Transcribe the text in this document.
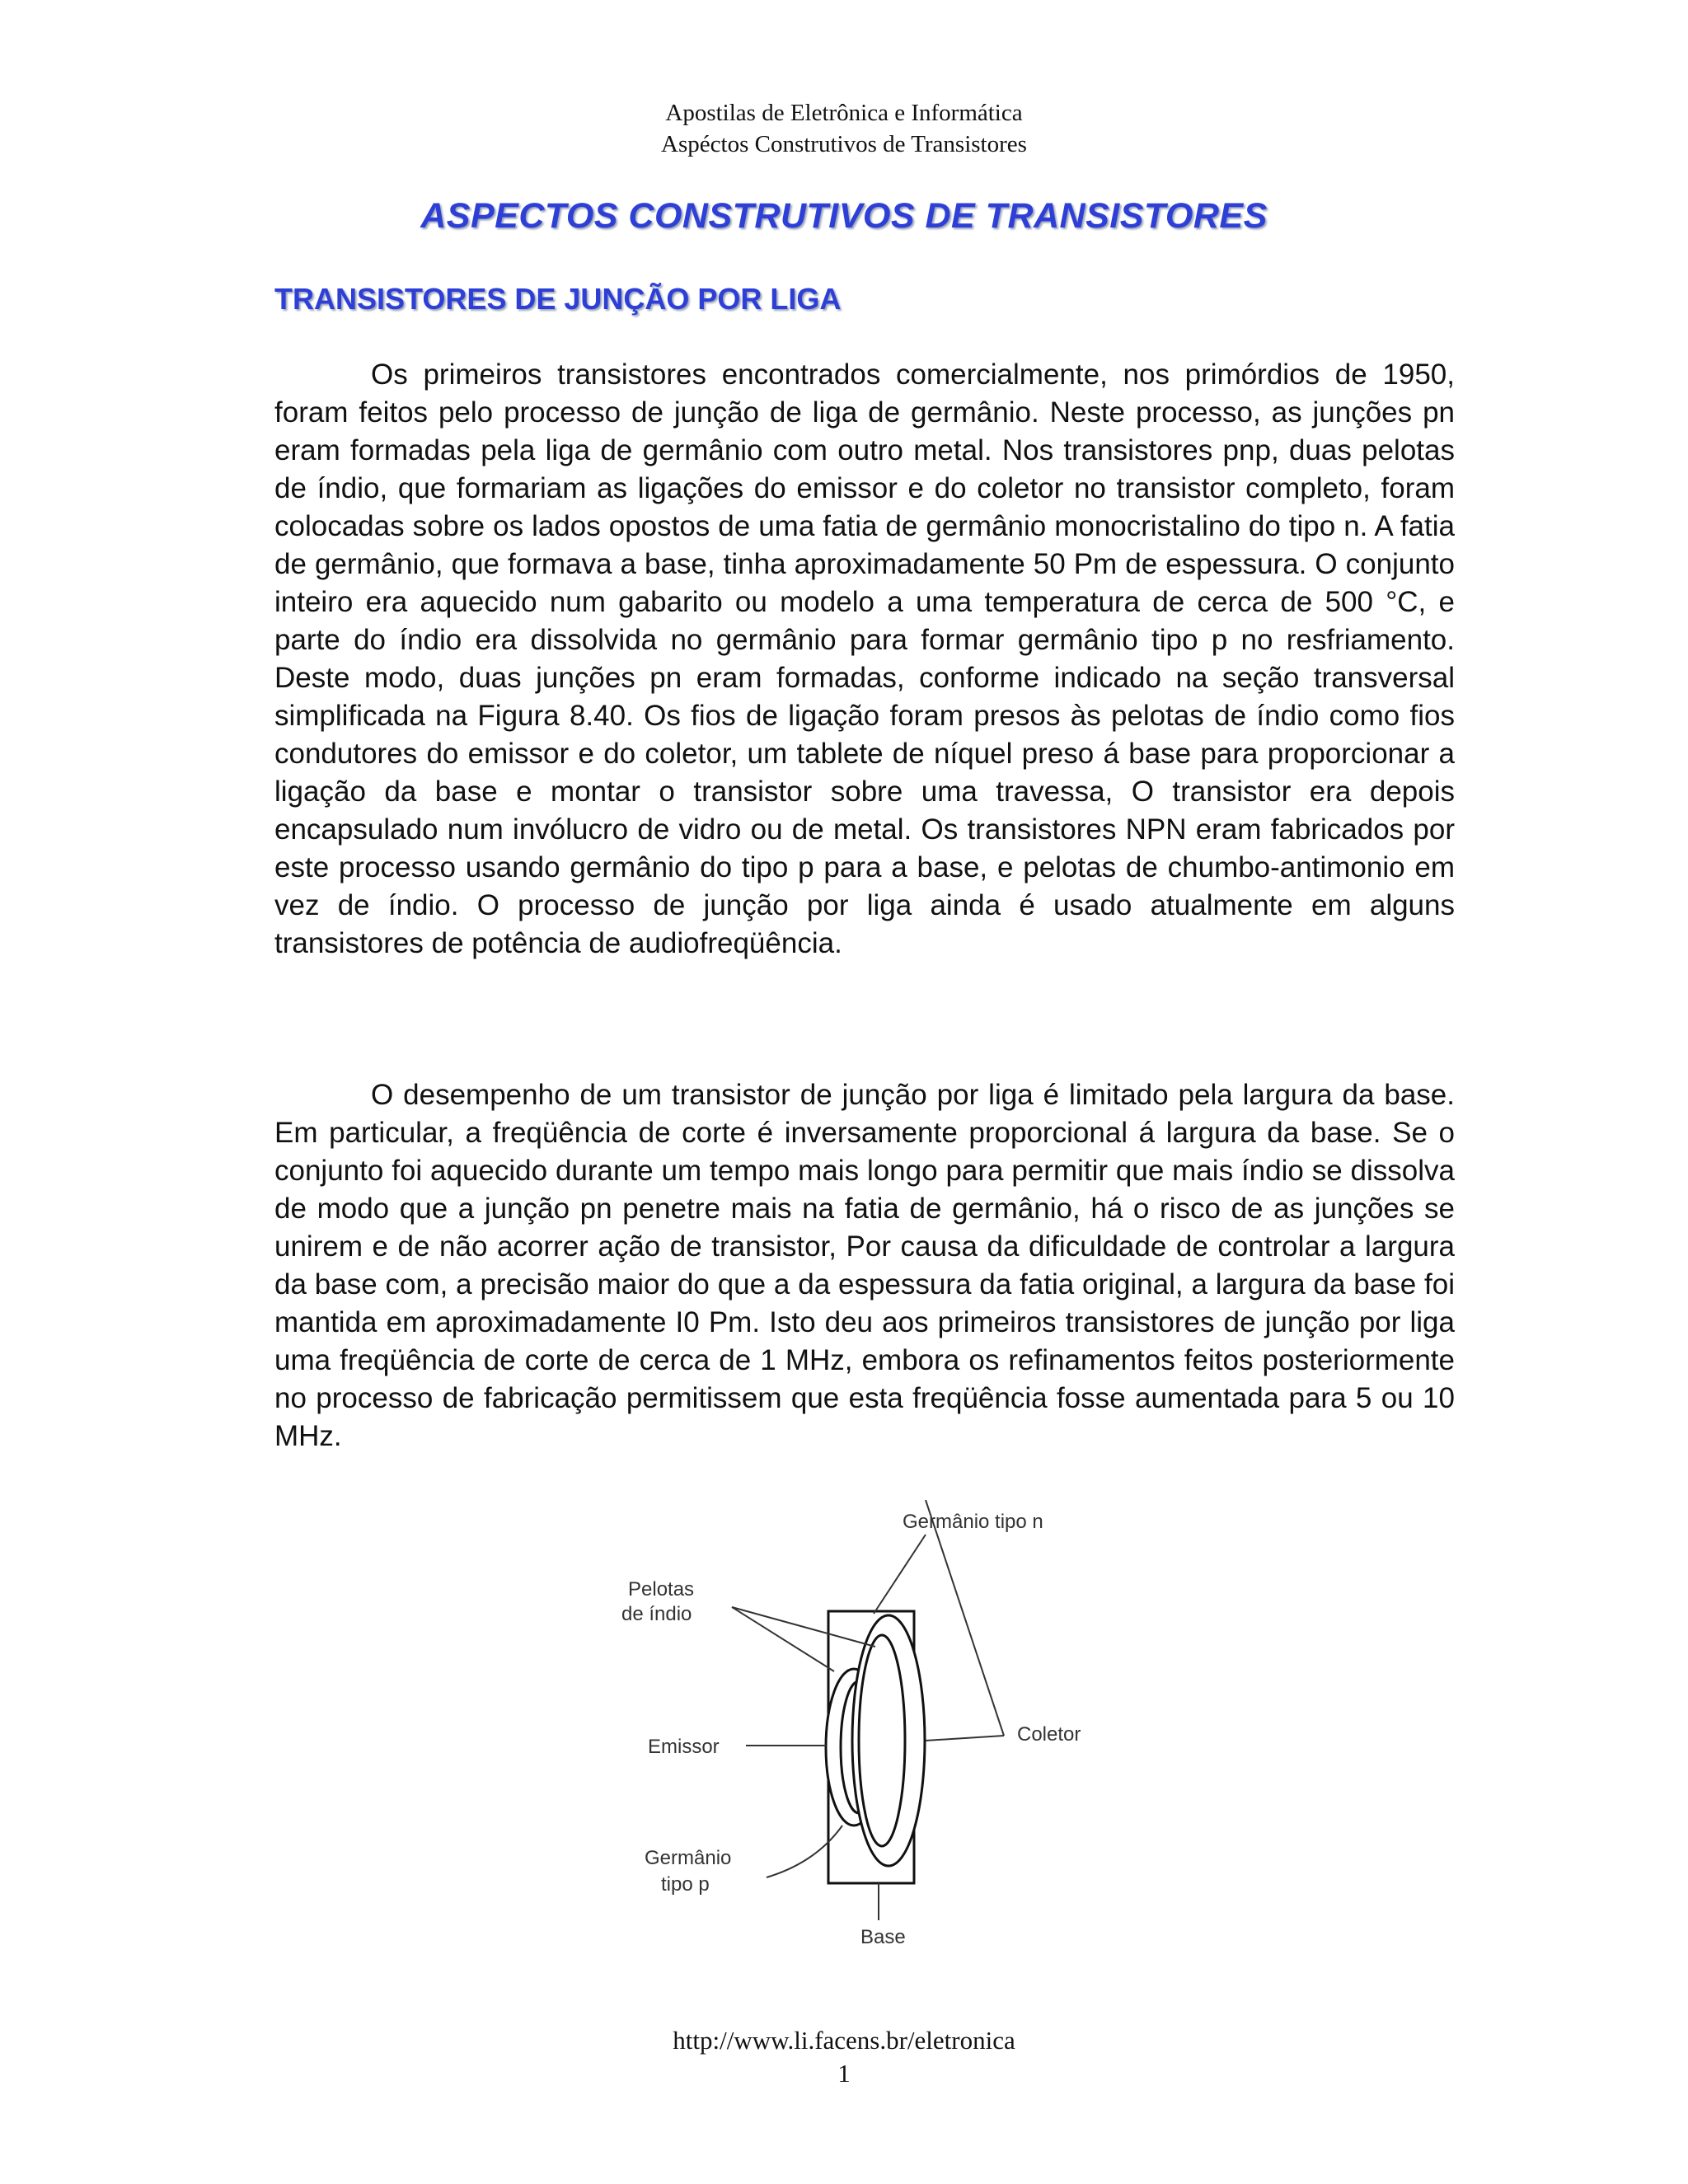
Apostilas de Eletrônica e Informática
Aspéctos Construtivos de Transistores
ASPECTOS CONSTRUTIVOS DE TRANSISTORES
TRANSISTORES DE JUNÇÃO POR LIGA

Os primeiros transistores encontrados comercialmente, nos primórdios de 1950, foram feitos pelo processo de junção de liga de germânio. Neste processo, as junções pn eram formadas pela liga de germânio com outro metal. Nos transistores pnp, duas pelotas de índio, que formariam as ligações do emissor e do coletor no transistor completo, foram colocadas sobre os lados opostos de uma fatia de germânio monocristalino do tipo n. A fatia de germânio, que formava a base, tinha aproximadamente 50 Pm de espessura. O conjunto inteiro era aquecido num gabarito ou modelo a uma temperatura de cerca de 500 °C, e parte do índio era dissolvida no germânio para formar germânio tipo p no resfriamento. Deste modo, duas junções pn eram formadas, conforme indicado na seção transversal simplificada na Figura 8.40. Os fios de ligação foram presos às pelotas de índio como fios condutores do emissor e do coletor, um tablete de níquel preso á base para proporcionar a ligação da base e montar o transistor sobre uma travessa, O transistor era depois encapsulado num invólucro de vidro ou de metal. Os transistores NPN eram fabricados por este processo usando germânio do tipo p para a base, e pelotas de chumbo-antimonio em vez de índio. O processo de junção por liga ainda é usado atualmente em alguns transistores de potência de audiofreqüência.

O desempenho de um transistor de junção por liga é limitado pela largura da base. Em particular, a freqüência de corte é inversamente proporcional á largura da base. Se o conjunto foi aquecido durante um tempo mais longo para permitir que mais índio se dissolva de modo que a junção pn penetre mais na fatia de germânio, há o risco de as junções se unirem e de não acorrer ação de transistor, Por causa da dificuldade de controlar a largura da base com, a precisão maior do que a da espessura da fatia original, a largura da base foi mantida em aproximadamente I0 Pm. Isto deu aos primeiros transistores de junção por liga uma freqüência de corte de cerca de 1 MHz, embora os refinamentos feitos posteriormente no processo de fabricação permitissem que esta freqüência fosse aumentada para 5 ou 10 MHz.

Germânio tipo n
Pelotas
de índio
Emissor
Coletor
Germânio
tipo p
Base
http://www.li.facens.br/eletronica
1
